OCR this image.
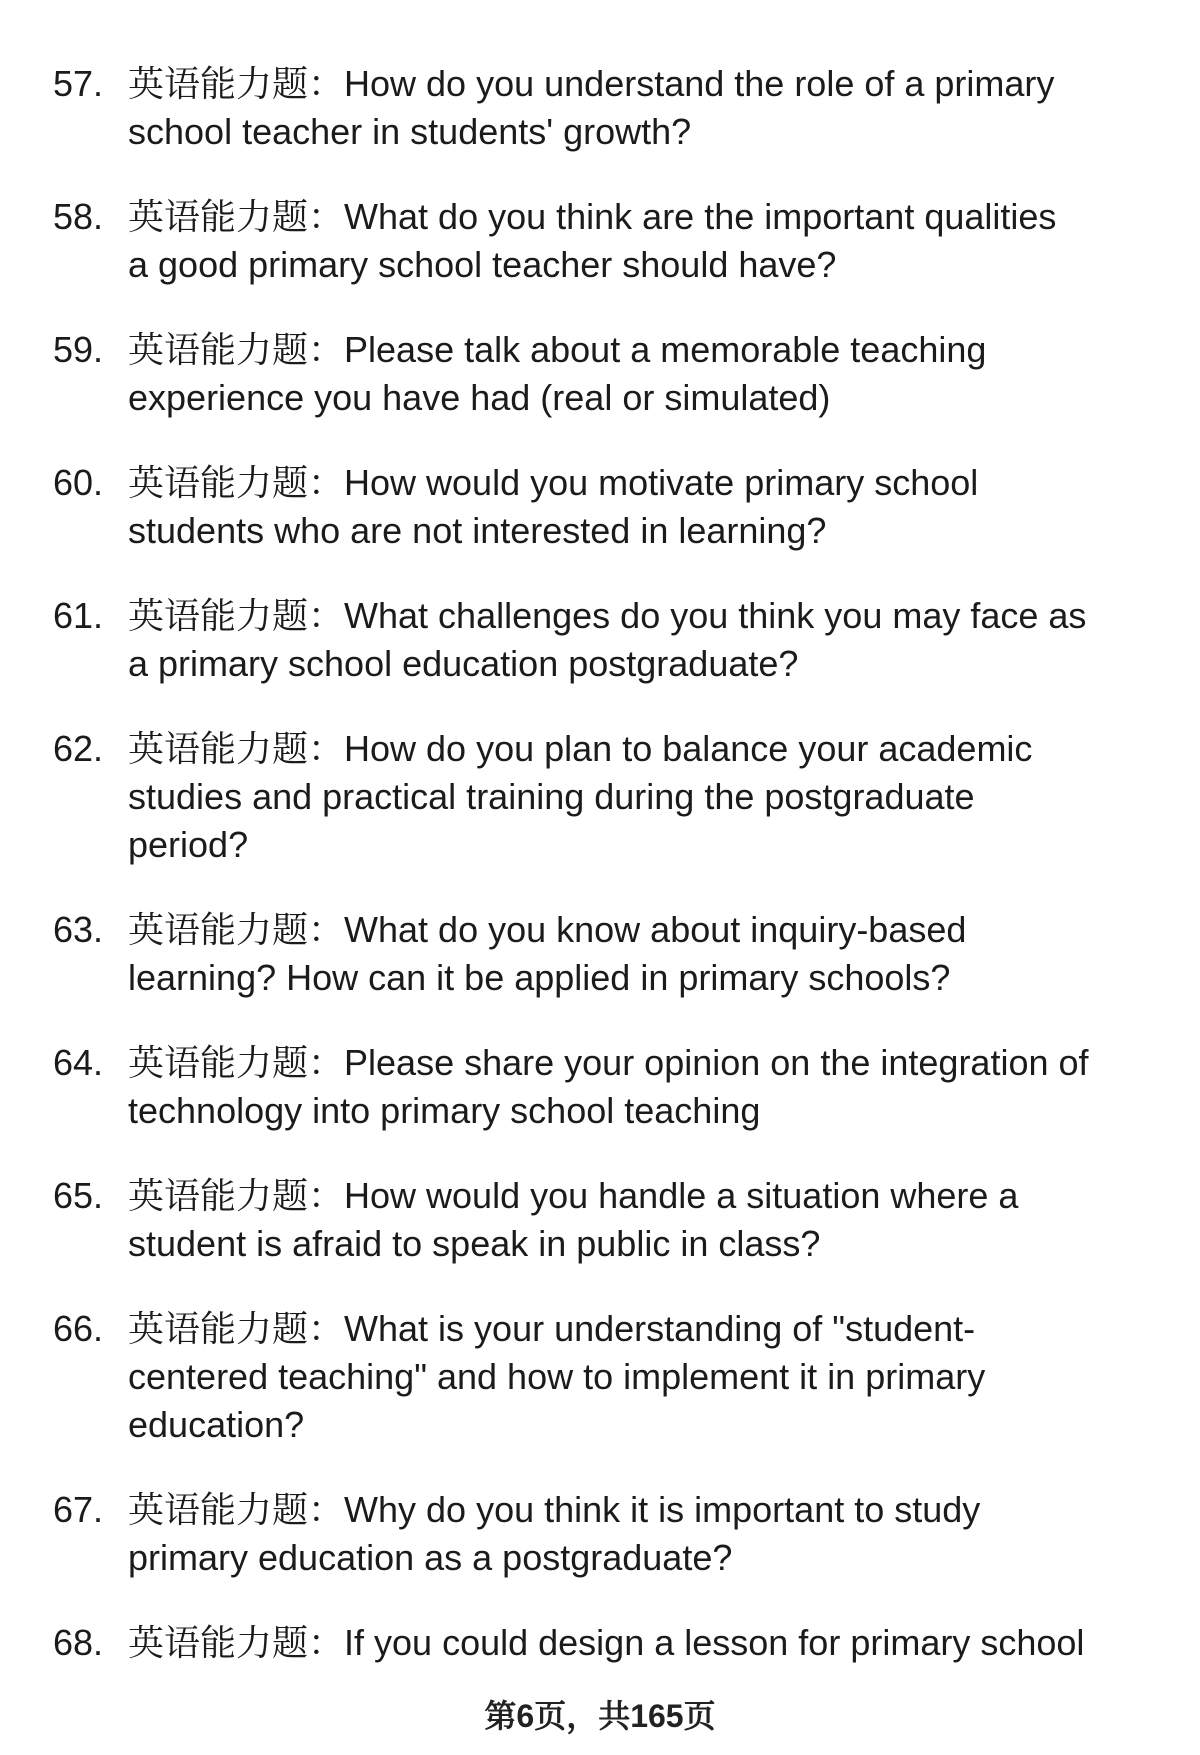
57. 英语能力题：How do you understand the role of a primary
school teacher in students' growth?
58. 英语能力题：What do you think are the important qualities
a good primary school teacher should have?
59. 英语能力题：Please talk about a memorable teaching
experience you have had (real or simulated)
60. 英语能力题：How would you motivate primary school
students who are not interested in learning?
61. 英语能力题：What challenges do you think you may face as
a primary school education postgraduate?
62. 英语能力题：How do you plan to balance your academic
studies and practical training during the postgraduate
period?
63. 英语能力题：What do you know about inquiry-based
learning? How can it be applied in primary schools?
64. 英语能力题：Please share your opinion on the integration of
technology into primary school teaching
65. 英语能力题：How would you handle a situation where a
student is afraid to speak in public in class?
66. 英语能力题：What is your understanding of "student-
centered teaching" and how to implement it in primary
education?
67. 英语能力题：Why do you think it is important to study
primary education as a postgraduate?
68. 英语能力题：If you could design a lesson for primary school
第6页，共165页
